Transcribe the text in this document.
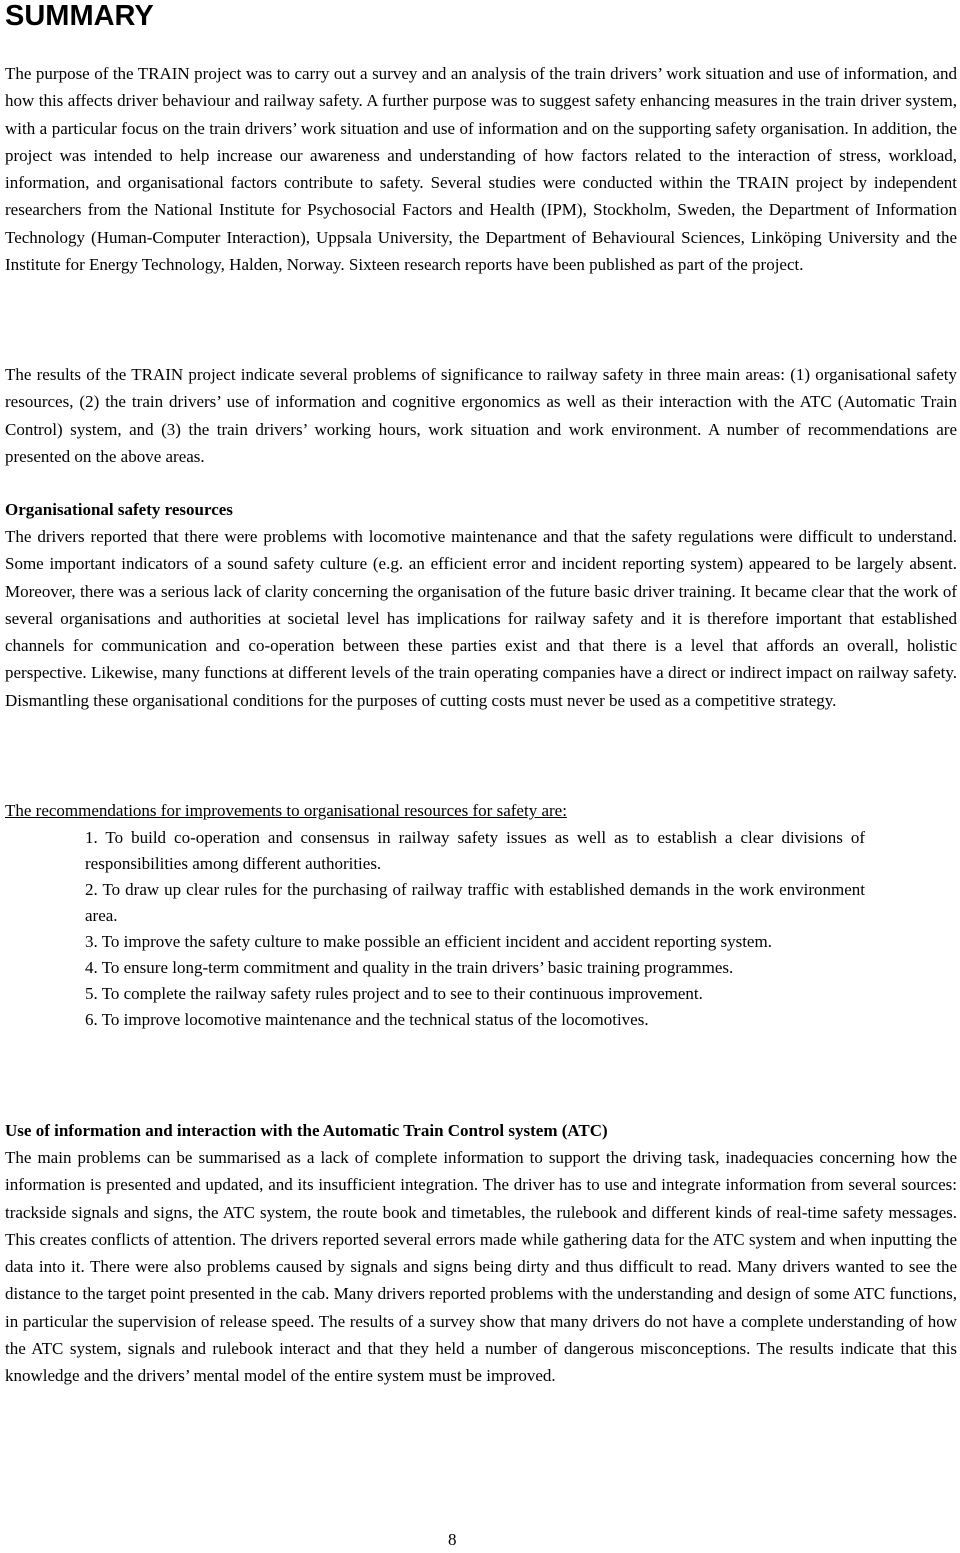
SUMMARY

The purpose of the TRAIN project was to carry out a survey and an analysis of the train drivers’ work situation and use of information, and how this affects driver behaviour and railway safety. A further purpose was to suggest safety enhancing measures in the train driver system, with a particular focus on the train drivers’ work situation and use of information and on the supporting safety organisation. In addition, the project was intended to help increase our awareness and understanding of how factors related to the interaction of stress, workload, information, and organisational factors contribute to safety. Several studies were conducted within the TRAIN project by independent researchers from the National Institute for Psychosocial Factors and Health (IPM), Stockholm, Sweden, the Department of Information Technology (Human-Computer Interaction), Uppsala University, the Department of Behavioural Sciences, Linköping University and the Institute for Energy Technology, Halden, Norway. Sixteen research reports have been published as part of the project.

The results of the TRAIN project indicate several problems of significance to railway safety in three main areas: (1) organisational safety resources, (2) the train drivers’ use of information and cognitive ergonomics as well as their interaction with the ATC (Automatic Train Control) system, and (3) the train drivers’ working hours, work situation and work environment. A number of recommendations are presented on the above areas.

Organisational safety resources

The drivers reported that there were problems with locomotive maintenance and that the safety regulations were difficult to understand. Some important indicators of a sound safety culture (e.g. an efficient error and incident reporting system) appeared to be largely absent. Moreover, there was a serious lack of clarity concerning the organisation of the future basic driver training. It became clear that the work of several organisations and authorities at societal level has implications for railway safety and it is therefore important that established channels for communication and co-operation between these parties exist and that there is a level that affords an overall, holistic perspective. Likewise, many functions at different levels of the train operating companies have a direct or indirect impact on railway safety. Dismantling these organisational conditions for the purposes of cutting costs must never be used as a competitive strategy.

The recommendations for improvements to organisational resources for safety are:

1. To build co-operation and consensus in railway safety issues as well as to establish a clear divisions of responsibilities among different authorities.
2. To draw up clear rules for the purchasing of railway traffic with established demands in the work environment area.
3. To improve the safety culture to make possible an efficient incident and accident reporting system.
4. To ensure long-term commitment and quality in the train drivers’ basic training programmes.
5. To complete the railway safety rules project and to see to their continuous improvement.
6. To improve locomotive maintenance and the technical status of the locomotives.
Use of information and interaction with the Automatic Train Control system (ATC)

The main problems can be summarised as a lack of complete information to support the driving task, inadequacies concerning how the information is presented and updated, and its insufficient integration. The driver has to use and integrate information from several sources: trackside signals and signs, the ATC system, the route book and timetables, the rulebook and different kinds of real-time safety messages. This creates conflicts of attention. The drivers reported several errors made while gathering data for the ATC system and when inputting the data into it. There were also problems caused by signals and signs being dirty and thus difficult to read. Many drivers wanted to see the distance to the target point presented in the cab. Many drivers reported problems with the understanding and design of some ATC functions, in particular the supervision of release speed. The results of a survey show that many drivers do not have a complete understanding of how the ATC system, signals and rulebook interact and that they held a number of dangerous misconceptions. The results indicate that this knowledge and the drivers’ mental model of the entire system must be improved.

8
